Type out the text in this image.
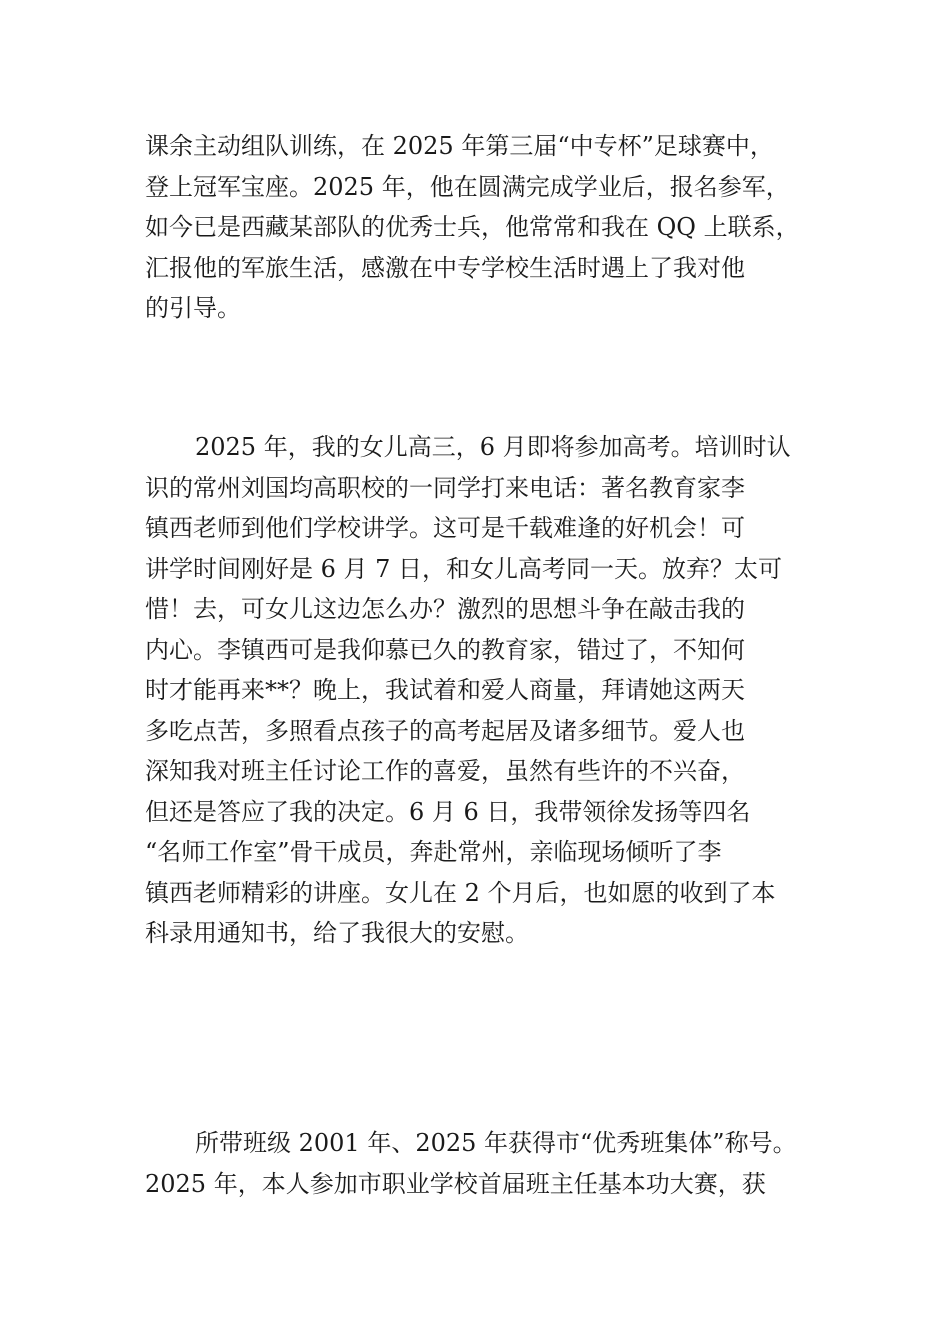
课余主动组队训练，在 2025 年第三届“中专杯”足球赛中，
登上冠军宝座。2025 年，他在圆满完成学业后，报名参军，
如今已是西藏某部队的优秀士兵，他常常和我在 QQ 上联系，
汇报他的军旅生活，感激在中专学校生活时遇上了我对他
的引导。
2025 年，我的女儿高三，6 月即将参加高考。培训时认
识的常州刘国均高职校的一同学打来电话：著名教育家李
镇西老师到他们学校讲学。这可是千载难逢的好机会！可
讲学时间刚好是 6 月 7 日，和女儿高考同一天。放弃？太可
惜！去，可女儿这边怎么办？激烈的思想斗争在敲击我的
内心。李镇西可是我仰慕已久的教育家，错过了，不知何
时才能再来**？晚上，我试着和爱人商量，拜请她这两天
多吃点苦，多照看点孩子的高考起居及诸多细节。爱人也
深知我对班主任讨论工作的喜爱，虽然有些许的不兴奋，
但还是答应了我的决定。6 月 6 日，我带领徐发扬等四名
“名师工作室”骨干成员，奔赴常州，亲临现场倾听了李
镇西老师精彩的讲座。女儿在 2 个月后，也如愿的收到了本
科录用通知书，给了我很大的安慰。
所带班级 2001 年、2025 年获得市“优秀班集体”称号。
2025 年，本人参加市职业学校首届班主任基本功大赛，获
